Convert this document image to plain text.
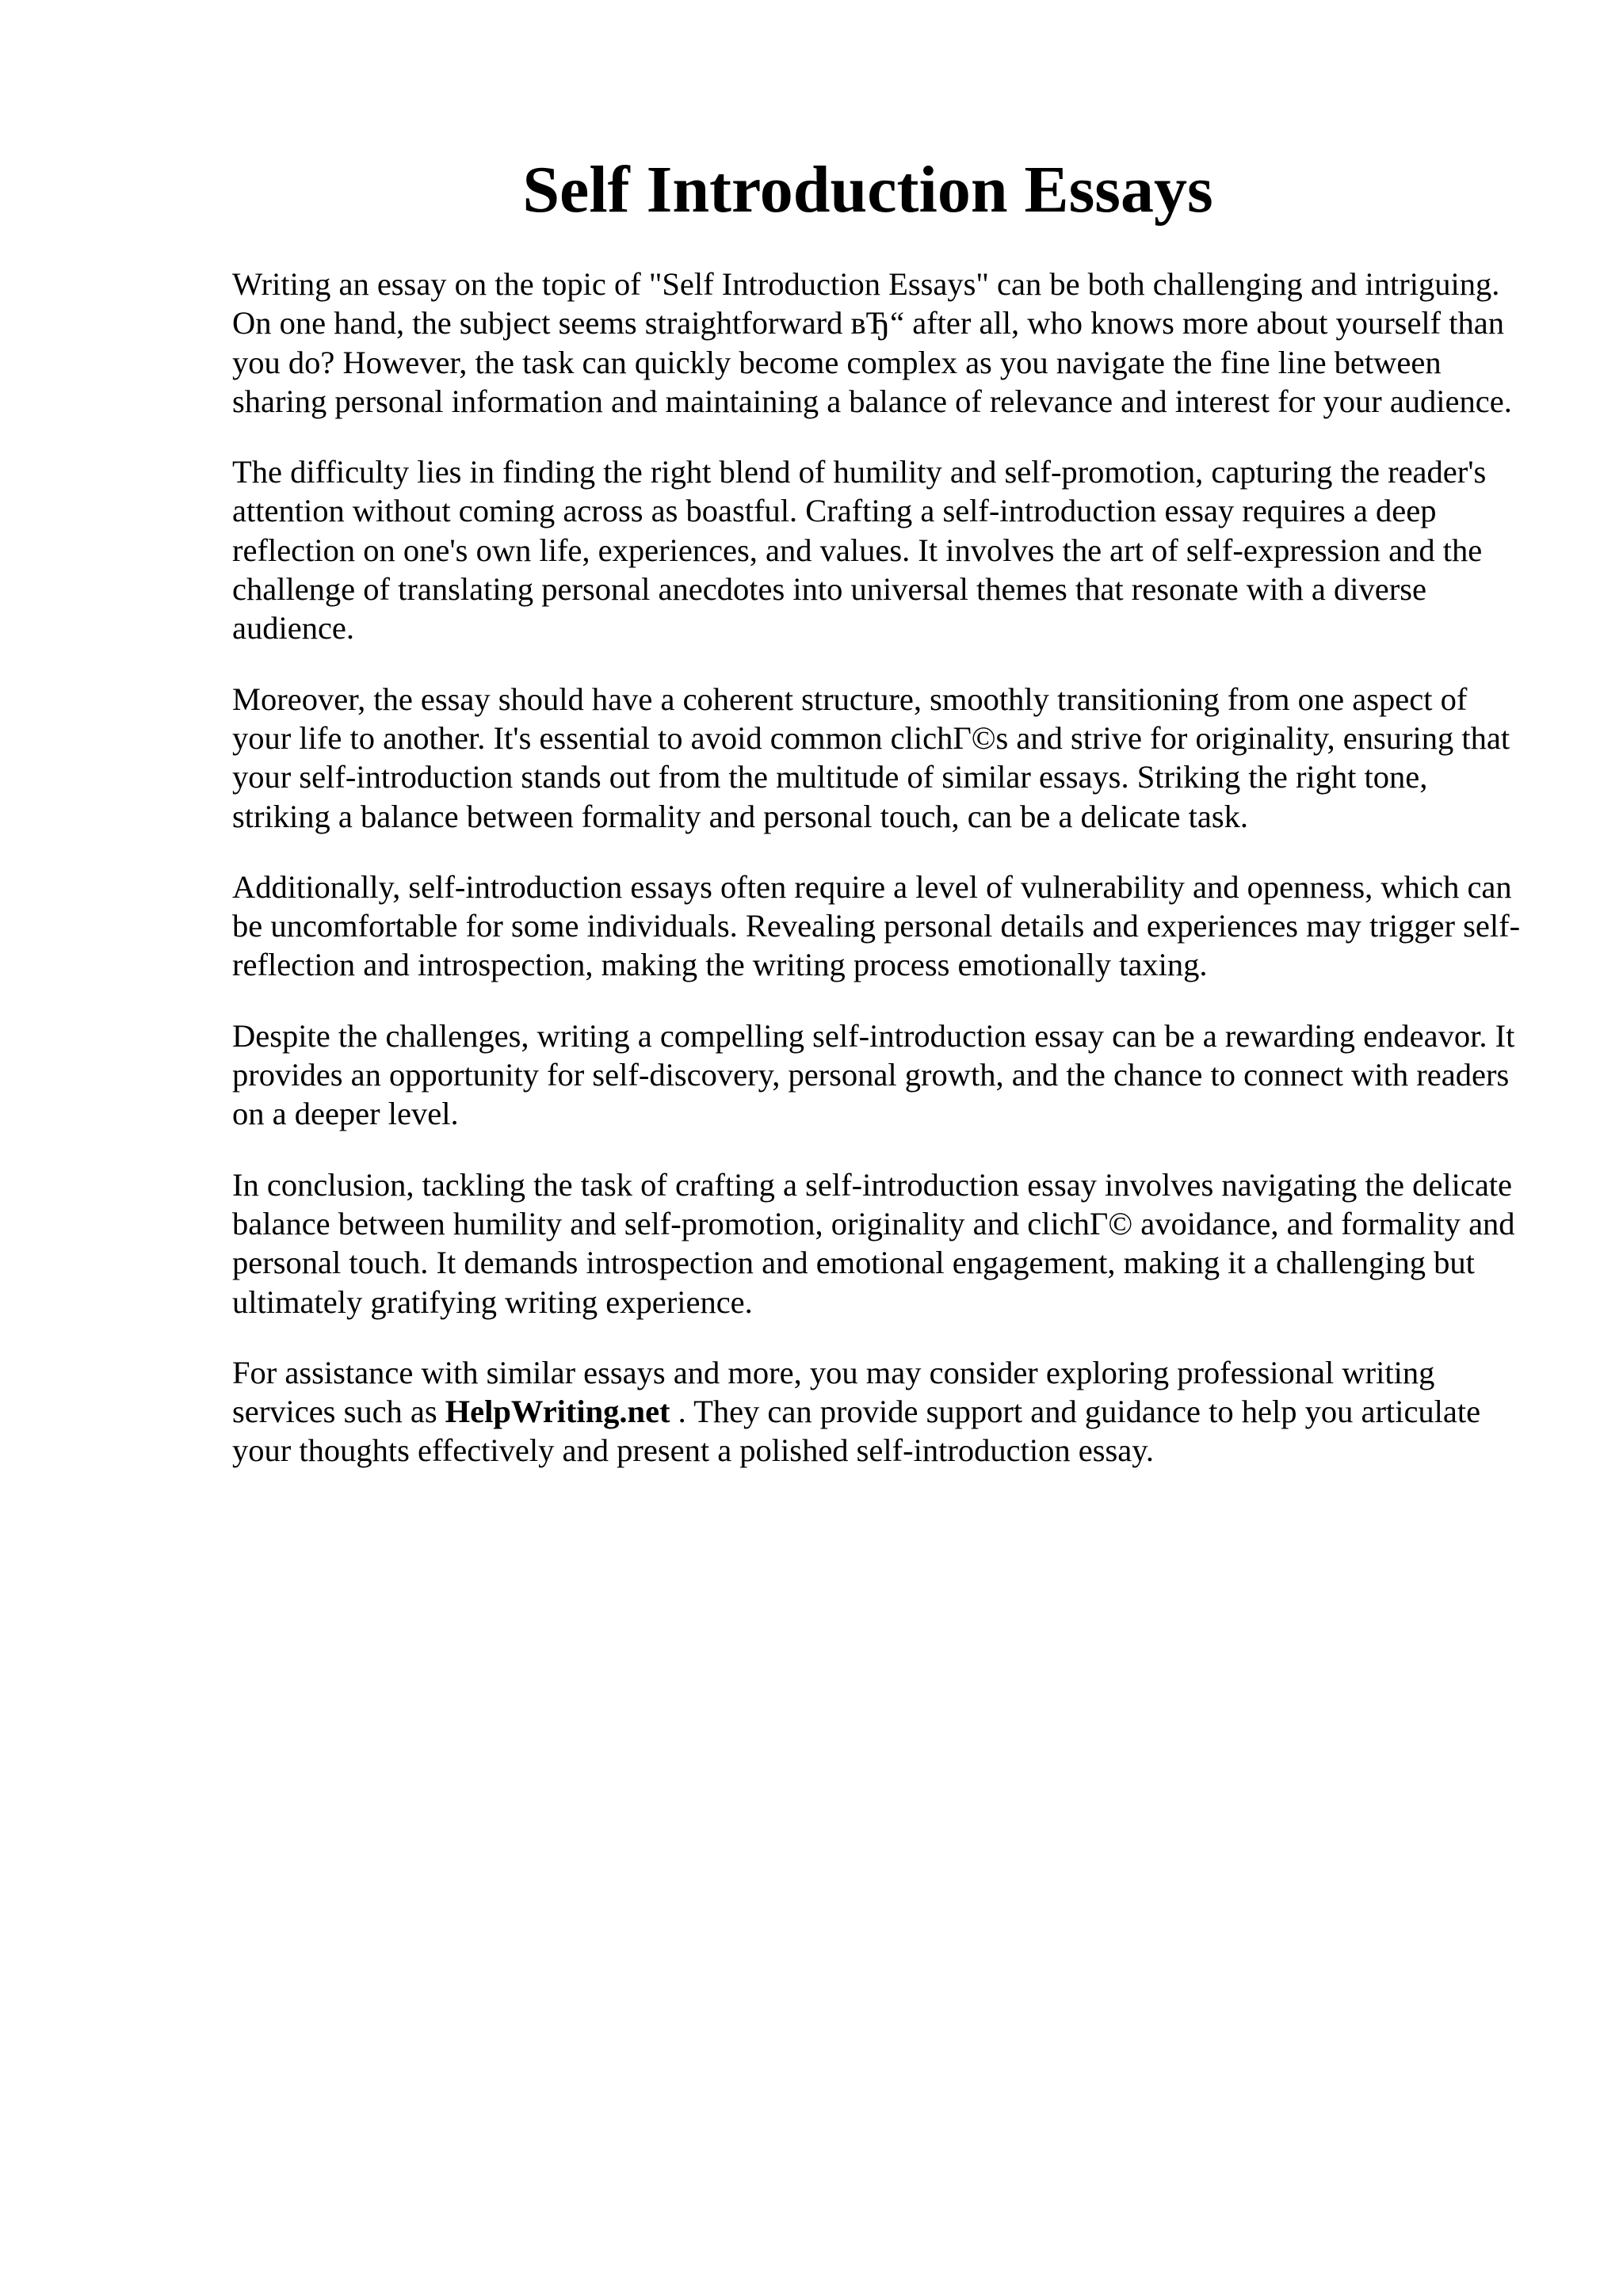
Self Introduction Essays

Writing an essay on the topic of "Self Introduction Essays" can be both challenging and intriguing. On one hand, the subject seems straightforward вЂ“ after all, who knows more about yourself than you do? However, the task can quickly become complex as you navigate the fine line between sharing personal information and maintaining a balance of relevance and interest for your audience.

The difficulty lies in finding the right blend of humility and self-promotion, capturing the reader's attention without coming across as boastful. Crafting a self-introduction essay requires a deep reflection on one's own life, experiences, and values. It involves the art of self-expression and the challenge of translating personal anecdotes into universal themes that resonate with a diverse audience.

Moreover, the essay should have a coherent structure, smoothly transitioning from one aspect of your life to another. It's essential to avoid common clichГ©s and strive for originality, ensuring that your self-introduction stands out from the multitude of similar essays. Striking the right tone, striking a balance between formality and personal touch, can be a delicate task.

Additionally, self-introduction essays often require a level of vulnerability and openness, which can be uncomfortable for some individuals. Revealing personal details and experiences may trigger self-reflection and introspection, making the writing process emotionally taxing.

Despite the challenges, writing a compelling self-introduction essay can be a rewarding endeavor. It provides an opportunity for self-discovery, personal growth, and the chance to connect with readers on a deeper level.

In conclusion, tackling the task of crafting a self-introduction essay involves navigating the delicate balance between humility and self-promotion, originality and clichГ© avoidance, and formality and personal touch. It demands introspection and emotional engagement, making it a challenging but ultimately gratifying writing experience.

For assistance with similar essays and more, you may consider exploring professional writing services such as HelpWriting.net . They can provide support and guidance to help you articulate your thoughts effectively and present a polished self-introduction essay.
